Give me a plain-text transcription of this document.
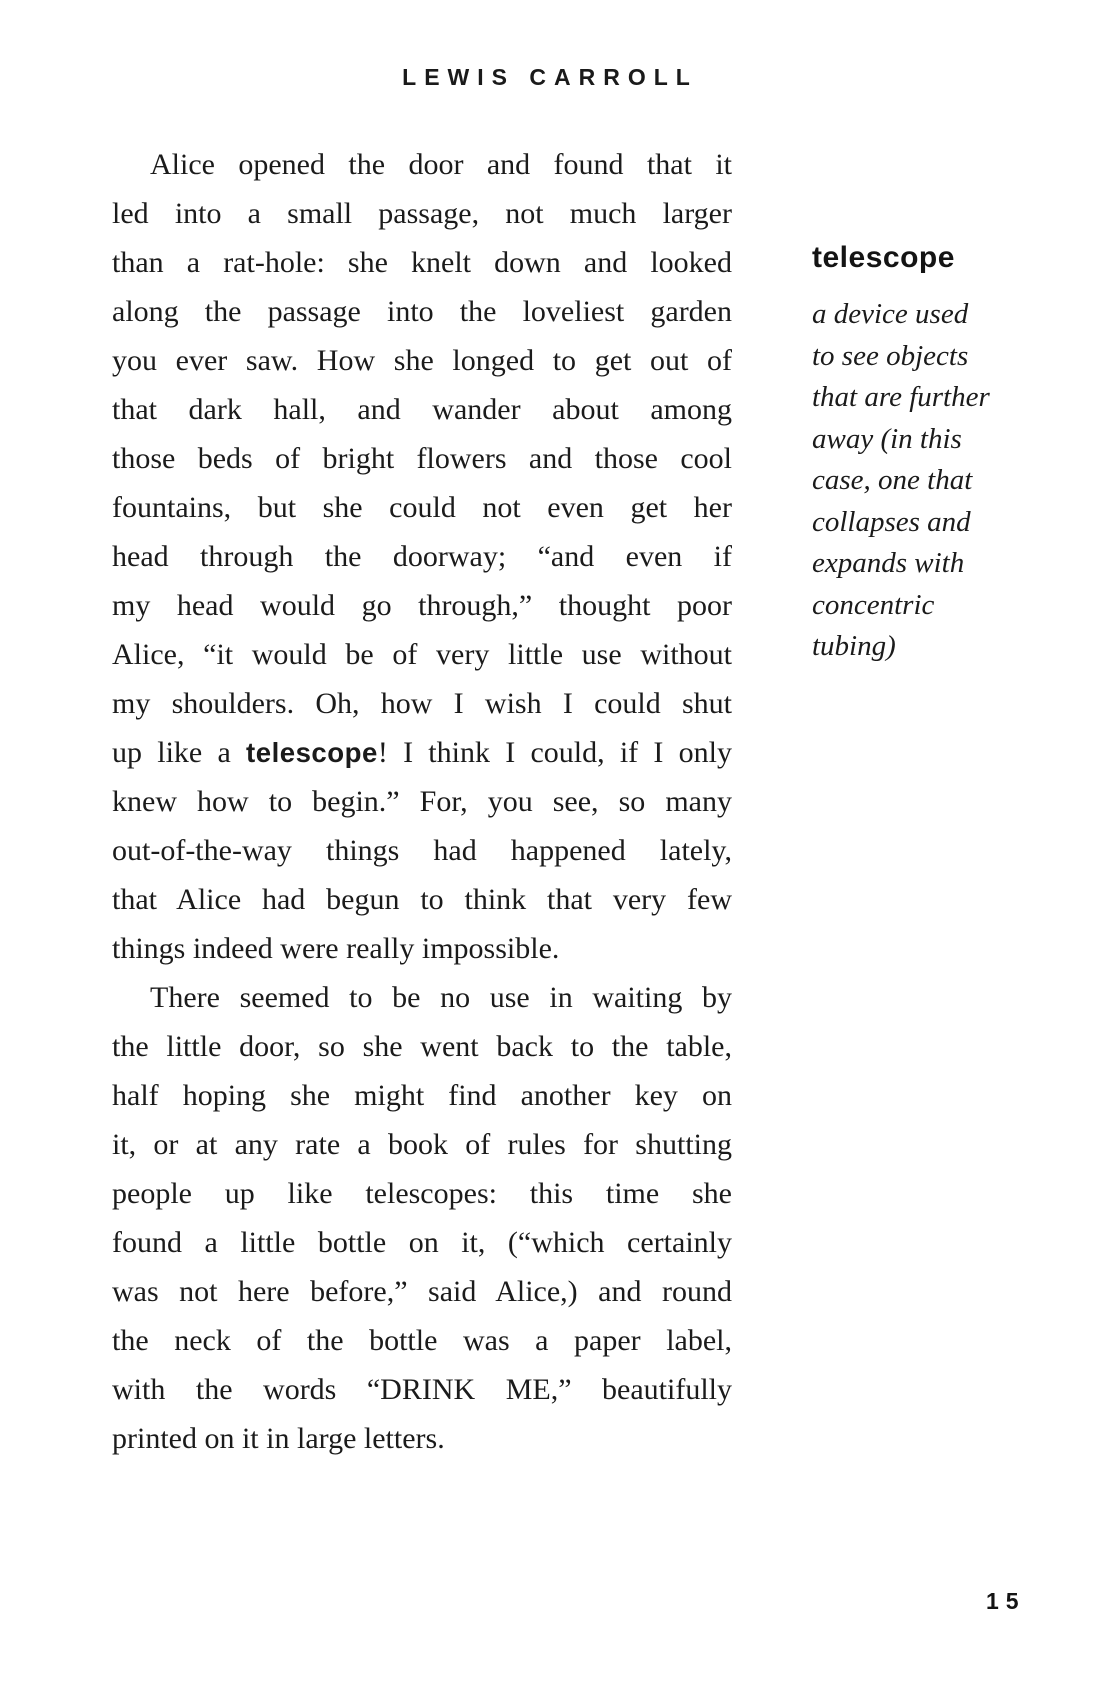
LEWIS CARROLL
Alice opened the door and found that it
led into a small passage, not much larger
than a rat-hole: she knelt down and looked
along the passage into the loveliest garden
you ever saw. How she longed to get out of
that dark hall, and wander about among
those beds of bright flowers and those cool
fountains, but she could not even get her
head through the doorway; “and even if
my head would go through,” thought poor
Alice, “it would be of very little use without
my shoulders. Oh, how I wish I could shut
up like a telescope! I think I could, if I only
knew how to begin.” For, you see, so many
out-of-the-way things had happened lately,
that Alice had begun to think that very few
things indeed were really impossible.
There seemed to be no use in waiting by
the little door, so she went back to the table,
half hoping she might find another key on
it, or at any rate a book of rules for shutting
people up like telescopes: this time she
found a little bottle on it, (“which certainly
was not here before,” said Alice,) and round
the neck of the bottle was a paper label,
with the words “DRINK ME,” beautifully
printed on it in large letters.
telescope
a device used
to see objects
that are further
away (in this
case, one that
collapses and
expands with
concentric
tubing)
15
